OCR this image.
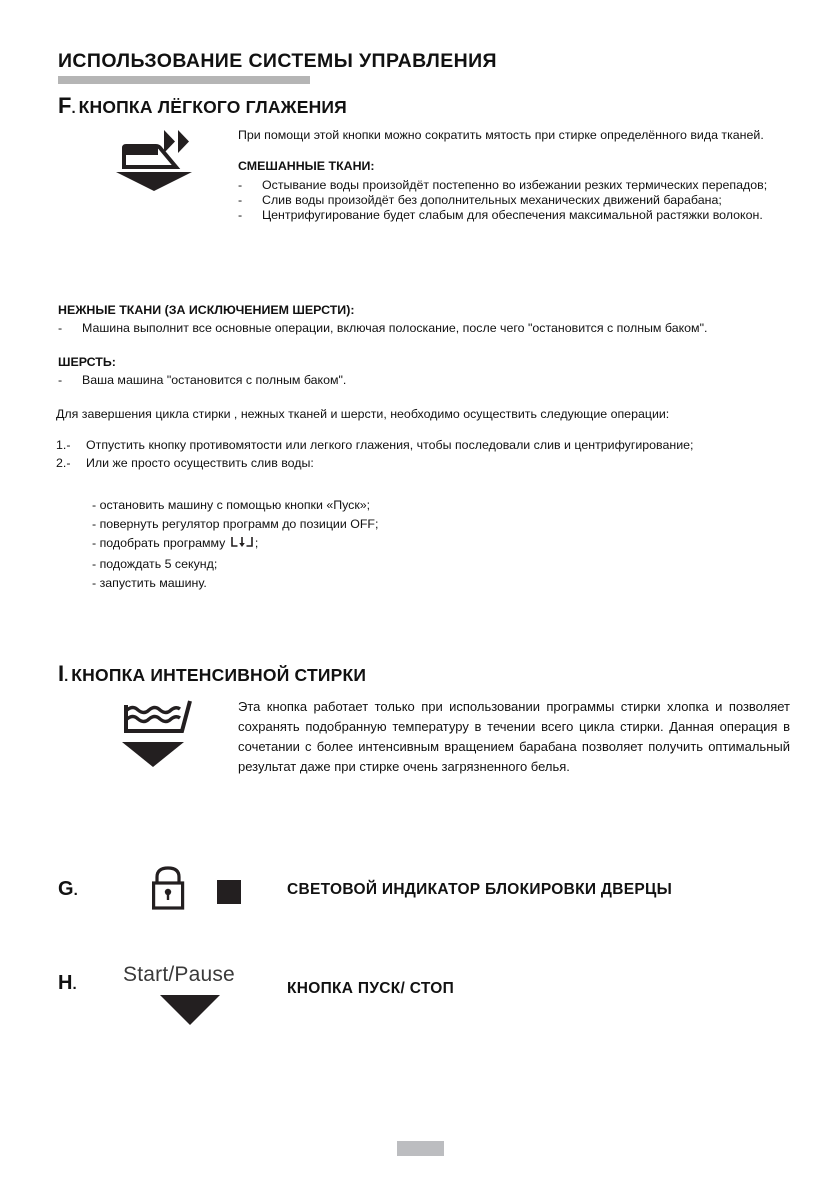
ИСПОЛЬЗОВАНИЕ СИСТЕМЫ УПРАВЛЕНИЯ
F. КНОПКА ЛЁГКОГО ГЛАЖЕНИЯ
При помощи этой кнопки можно сократить мятость при стирке определённого вида тканей.
СМЕШАННЫЕ ТКАНИ:
- Остывание воды произойдёт постепенно во избежании резких термических перепадов;
- Слив воды произойдёт без дополнительных механических движений барабана;
- Центрифугирование будет слабым для обеспечения максимальной растяжки волокон.
НЕЖНЫЕ ТКАНИ (ЗА ИСКЛЮЧЕНИЕМ ШЕРСТИ):
- Машина выполнит все основные операции, включая полоскание, после чего "остановится с полным баком".
ШЕРСТЬ:
- Ваша машина "остановится с полным баком".
Для завершения цикла стирки , нежных тканей и шерсти, необходимо осуществить следующие операции:
1.- Отпустить кнопку противомятости или легкого глажения, чтобы последовали слив и центрифугирование;
2.- Или же просто осуществить слив воды:
- остановить машину с помощью кнопки «Пуск»;
- повернуть регулятор программ до позиции OFF;
- подобрать программу ;
- подождать 5 секунд;
- запустить машину.
I. КНОПКА ИНТЕНСИВНОЙ СТИРКИ
Эта кнопка работает только при использовании программы стирки хлопка и позволяет сохранять подобранную температуру в течении всего цикла стирки. Данная операция в сочетании с более интенсивным вращением барабана позволяет получить оптимальный результат даже при стирке очень загрязненного белья.
G.	СВЕТОВОЙ ИНДИКАТОР БЛОКИРОВКИ ДВЕРЦЫ
H. Start/Pause
КНОПКА ПУСК/ СТОП
